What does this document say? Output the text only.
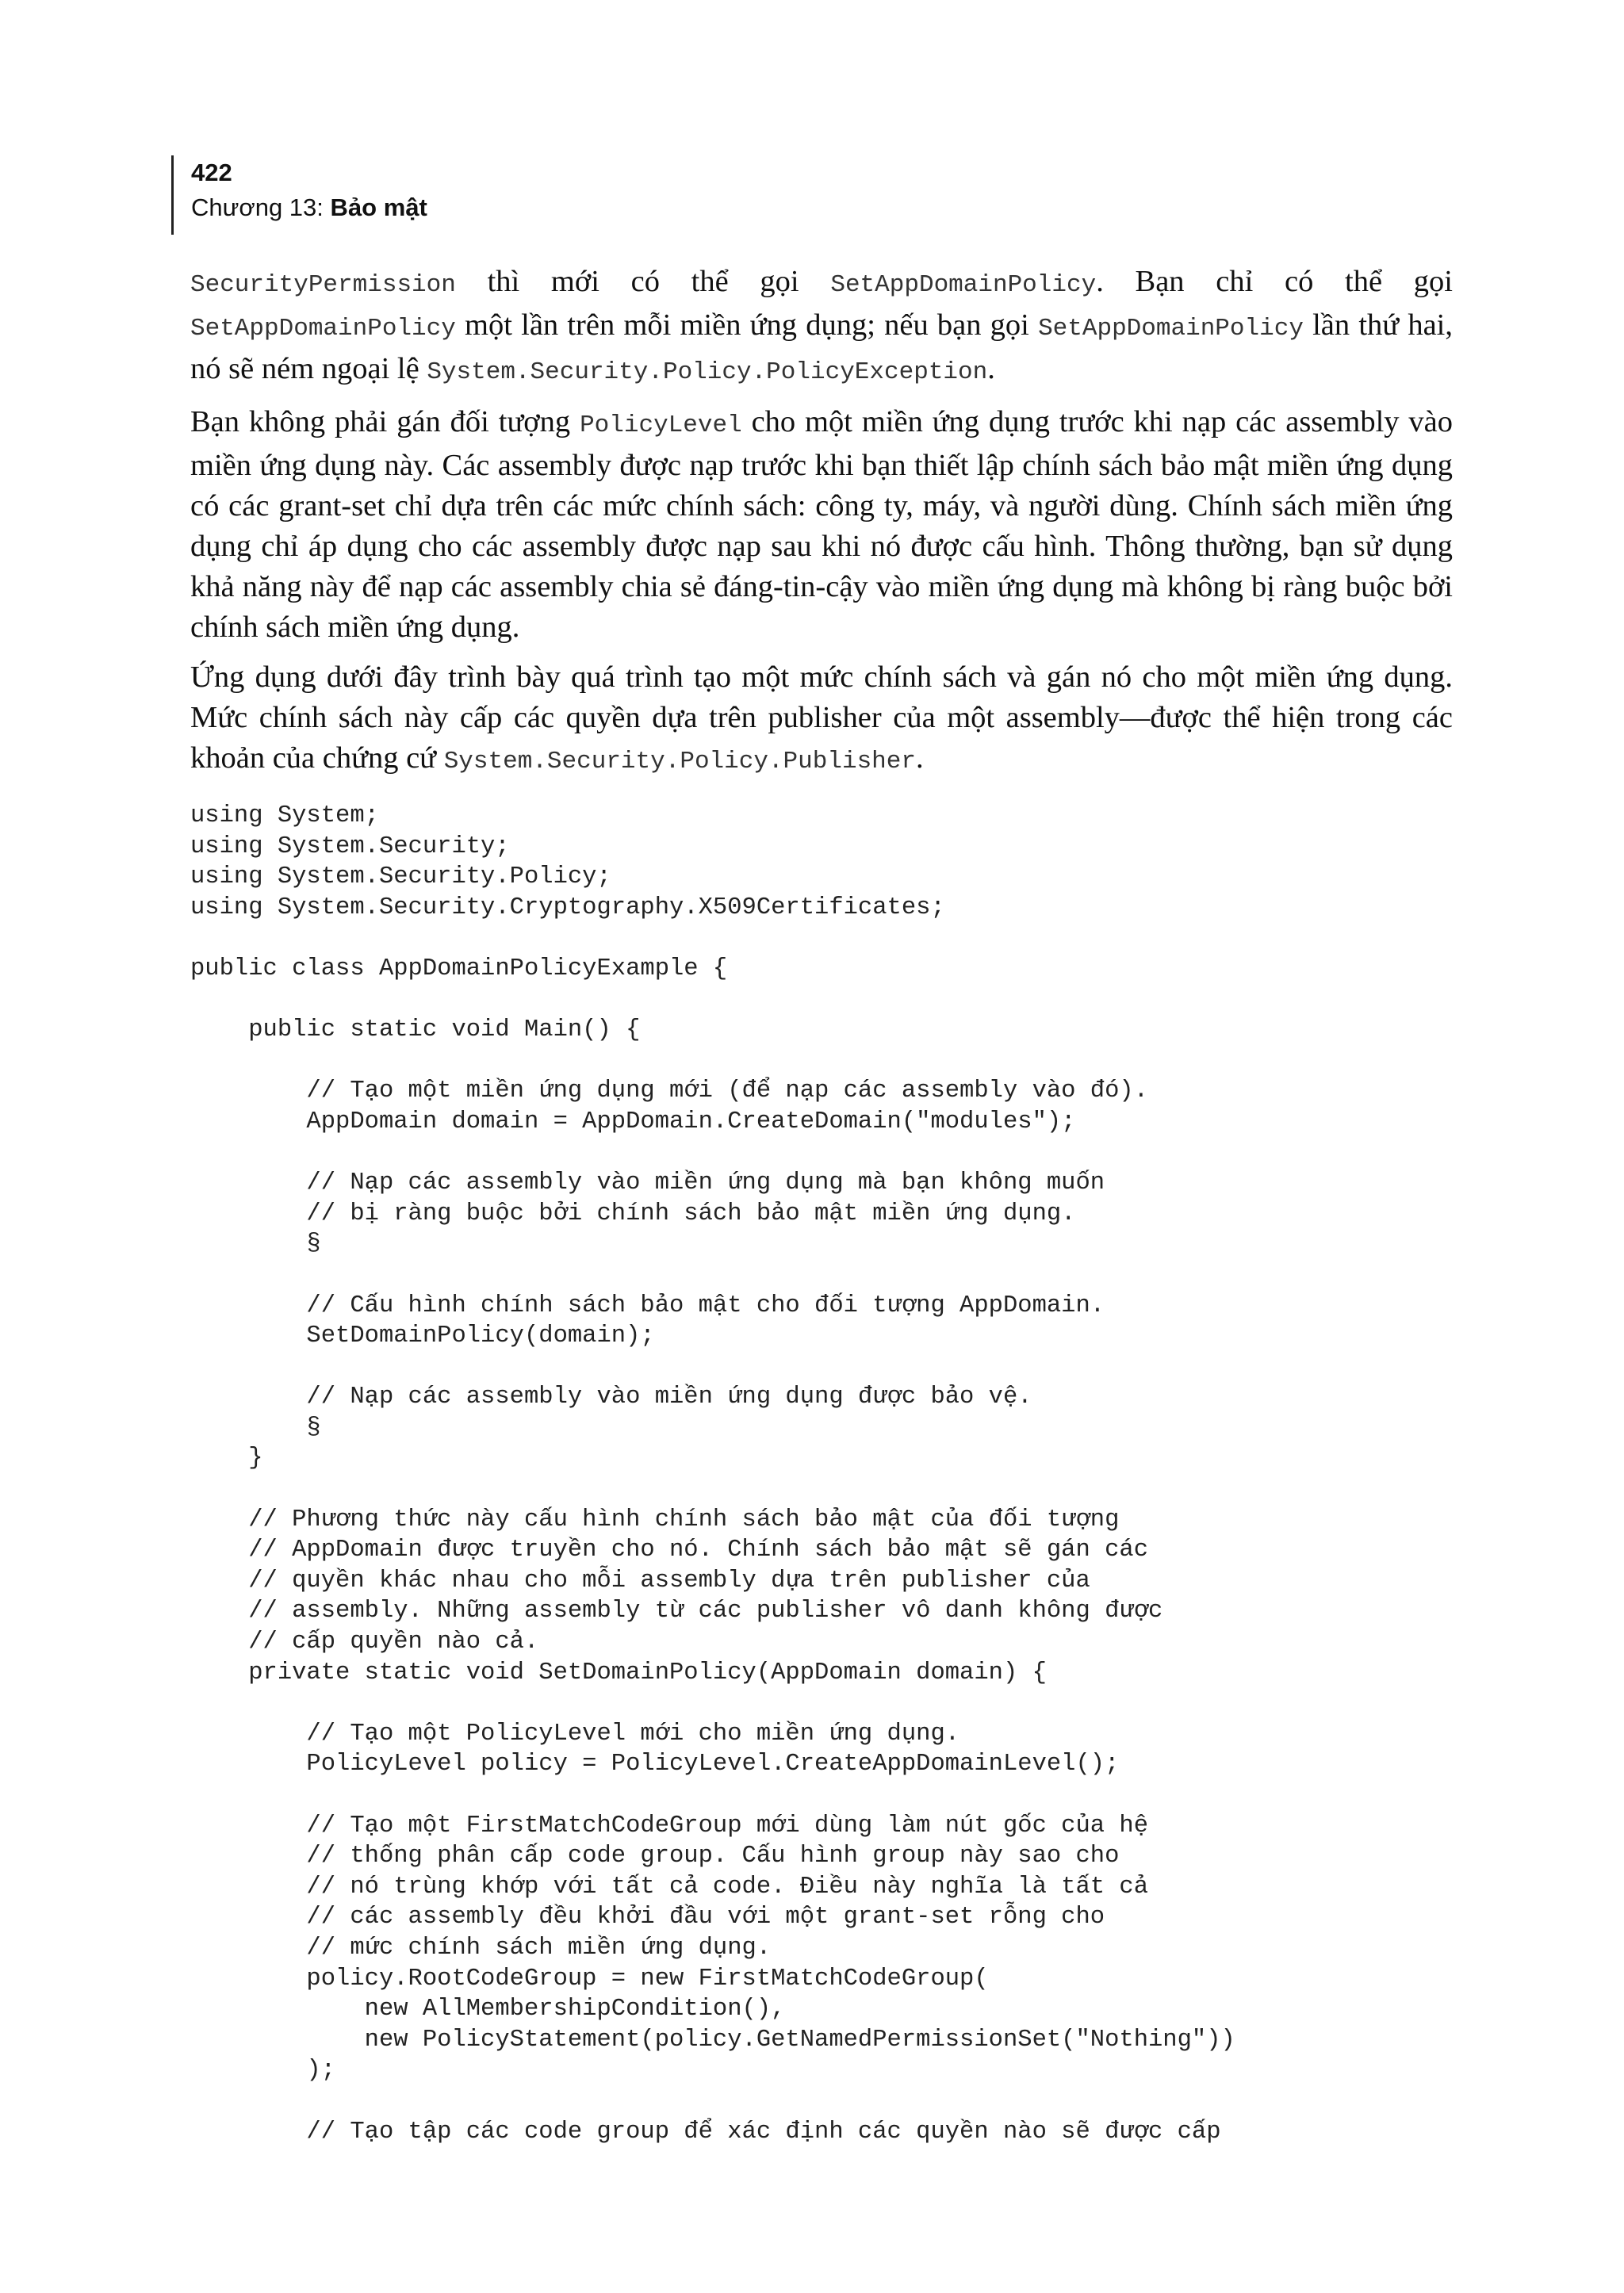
422

Chương 13: Bảo mật

SecurityPermission thì mới có thể gọi SetAppDomainPolicy. Bạn chỉ có thể gọi SetAppDomainPolicy một lần trên mỗi miền ứng dụng; nếu bạn gọi SetAppDomainPolicy lần thứ hai, nó sẽ ném ngoại lệ System.Security.Policy.PolicyException.

Bạn không phải gán đối tượng PolicyLevel cho một miền ứng dụng trước khi nạp các assembly vào miền ứng dụng này. Các assembly được nạp trước khi bạn thiết lập chính sách bảo mật miền ứng dụng có các grant-set chỉ dựa trên các mức chính sách: công ty, máy, và người dùng. Chính sách miền ứng dụng chỉ áp dụng cho các assembly được nạp sau khi nó được cấu hình. Thông thường, bạn sử dụng khả năng này để nạp các assembly chia sẻ đáng-tin-cậy vào miền ứng dụng mà không bị ràng buộc bởi chính sách miền ứng dụng.

Ứng dụng dưới đây trình bày quá trình tạo một mức chính sách và gán nó cho một miền ứng dụng. Mức chính sách này cấp các quyền dựa trên publisher của một assembly—được thể hiện trong các khoản của chứng cứ System.Security.Policy.Publisher.

using System;
using System.Security;
using System.Security.Policy;
using System.Security.Cryptography.X509Certificates;

public class AppDomainPolicyExample {

public static void Main() {

// Tạo một miền ứng dụng mới (để nạp các assembly vào đó).
AppDomain domain = AppDomain.CreateDomain("modules");

// Nạp các assembly vào miền ứng dụng mà bạn không muốn
// bị ràng buộc bởi chính sách bảo mật miền ứng dụng.
§

// Cấu hình chính sách bảo mật cho đối tượng AppDomain.
SetDomainPolicy(domain);

// Nạp các assembly vào miền ứng dụng được bảo vệ.
§
}

// Phương thức này cấu hình chính sách bảo mật của đối tượng
// AppDomain được truyền cho nó. Chính sách bảo mật sẽ gán các
// quyền khác nhau cho mỗi assembly dựa trên publisher của
// assembly. Những assembly từ các publisher vô danh không được
// cấp quyền nào cả.
private static void SetDomainPolicy(AppDomain domain) {

// Tạo một PolicyLevel mới cho miền ứng dụng.
PolicyLevel policy = PolicyLevel.CreateAppDomainLevel();

// Tạo một FirstMatchCodeGroup mới dùng làm nút gốc của hệ
// thống phân cấp code group. Cấu hình group này sao cho
// nó trùng khớp với tất cả code. Điều này nghĩa là tất cả
// các assembly đều khởi đầu với một grant-set rỗng cho
// mức chính sách miền ứng dụng.
policy.RootCodeGroup = new FirstMatchCodeGroup(
new AllMembershipCondition(),
new PolicyStatement(policy.GetNamedPermissionSet("Nothing"))
);

// Tạo tập các code group để xác định các quyền nào sẽ được cấp
